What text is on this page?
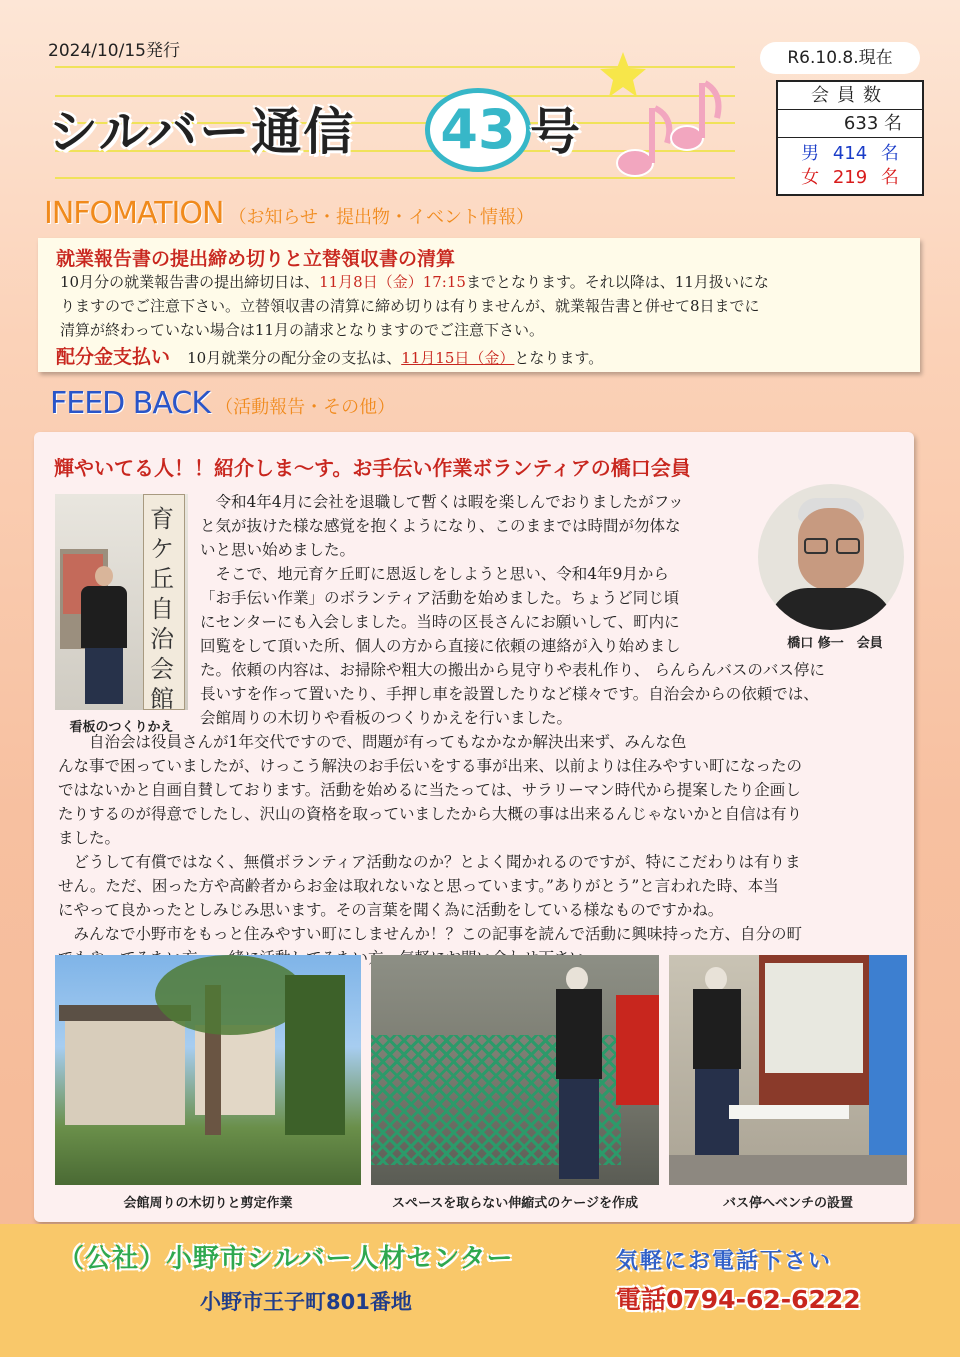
2024/10/15発行	R6.10.8.現在
シルバー通信 43 号
会員数
633 名
男 414 名
女 219 名
INFOMATION （お知らせ・提出物・イベント情報）
就業報告書の提出締め切りと立替領収書の清算
10月分の就業報告書の提出締切日は、11月8日（金）17:15までとなります。それ以降は、11月扱いにな
りますのでご注意下さい。立替領収書の清算に締め切りは有りませんが、就業報告書と併せて8日までに
清算が終わっていない場合は11月の請求となりますのでご注意下さい。
配分金支払い 10月就業分の配分金の支払は、11月15日（金）となります。
FEED BACK （活動報告・その他）
輝やいてる人！！紹介しま～す。お手伝い作業ボランティアの橋口会員
育ケ丘自治会館
看板のつくりかえ
橋口 修一　会員
　令和4年4月に会社を退職して暫くは暇を楽しんでおりましたがフッ
と気が抜けた様な感覚を抱くようになり、このままでは時間が勿体な
いと思い始めました。
　そこで、地元育ケ丘町に恩返しをしようと思い、令和4年9月から
「お手伝い作業」のボランティア活動を始めました。ちょうど同じ頃
にセンターにも入会しました。当時の区長さんにお願いして、町内に
回覧をして頂いた所、個人の方から直接に依頼の連絡が入り始めまし
た。依頼の内容は、お掃除や粗大の搬出から見守りや表札作り、 らんらんバスのバス停に
長いすを作って置いたり、手押し車を設置したりなど様々です。自治会からの依頼では、
会館周りの木切りや看板のつくりかえを行いました。
　　自治会は役員さんが1年交代ですので、問題が有ってもなかなか解決出来ず、みんな色
んな事で困っていましたが、けっこう解決のお手伝いをする事が出来、以前よりは住みやすい町になったの
ではないかと自画自賛しております。活動を始めるに当たっては、サラリーマン時代から提案したり企画し
たりするのが得意でしたし、沢山の資格を取っていましたから大概の事は出来るんじゃないかと自信は有り
ました。
　どうして有償ではなく、無償ボランティア活動なのか？とよく聞かれるのですが、特にこだわりは有りま
せん。ただ、困った方や高齢者からお金は取れないなと思っています。”ありがとう”と言われた時、本当
にやって良かったとしみじみ思います。その言葉を聞く為に活動をしている様なものですかね。
　みんなで小野市をもっと住みやすい町にしませんか！？この記事を読んで活動に興味持った方、自分の町
会館周りの木切りと剪定作業	スペースを取らない伸縮式のケージを作成	バス停へベンチの設置
（公社）小野市シルバー人材センター
小野市王子町801番地
気軽にお電話下さい
電話0794-62-6222
